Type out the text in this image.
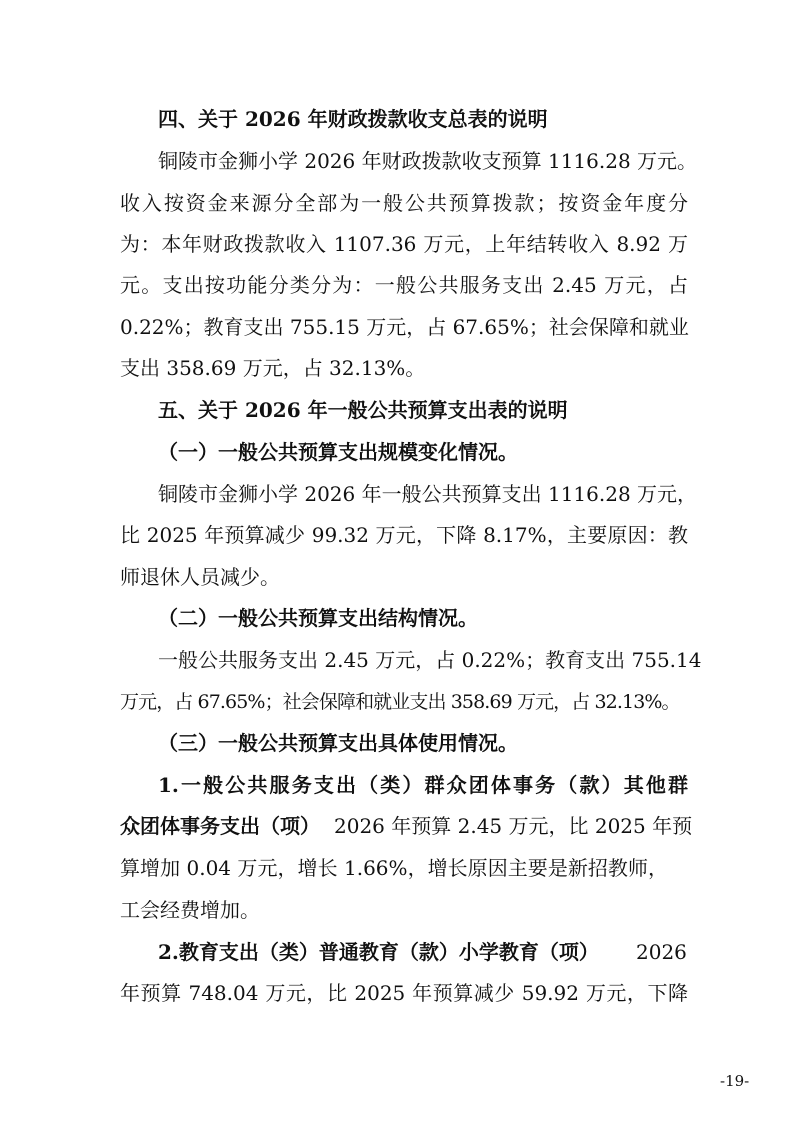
四、关于 2026 年财政拨款收支总表的说明
铜陵市金狮小学 2026 年财政拨款收支预算 1116.28 万元。
收入按资金来源分全部为一般公共预算拨款；按资金年度分
为：本年财政拨款收入 1107.36 万元，上年结转收入 8.92 万
元。支出按功能分类分为：一般公共服务支出 2.45 万元，占
0.22%；教育支出 755.15 万元，占 67.65%；社会保障和就业
支出 358.69 万元，占 32.13%。
五、关于 2026 年一般公共预算支出表的说明
（一）一般公共预算支出规模变化情况。
铜陵市金狮小学 2026 年一般公共预算支出 1116.28 万元，
比 2025 年预算减少 99.32 万元，下降 8.17%，主要原因：教
师退休人员减少。
（二）一般公共预算支出结构情况。
一般公共服务支出 2.45 万元，占 0.22%；教育支出 755.14
万元，占 67.65%；社会保障和就业支出 358.69 万元，占 32.13%。
（三）一般公共预算支出具体使用情况。
1.一般公共服务支出（类）群众团体事务（款）其他群
众团体事务支出（项） 2026 年预算 2.45 万元，比 2025 年预
算增加 0.04 万元，增长 1.66%，增长原因主要是新招教师，
工会经费增加。
2.教育支出（类）普通教育（款）小学教育（项） 2026
年预算 748.04 万元，比 2025 年预算减少 59.92 万元，下降
-19-
